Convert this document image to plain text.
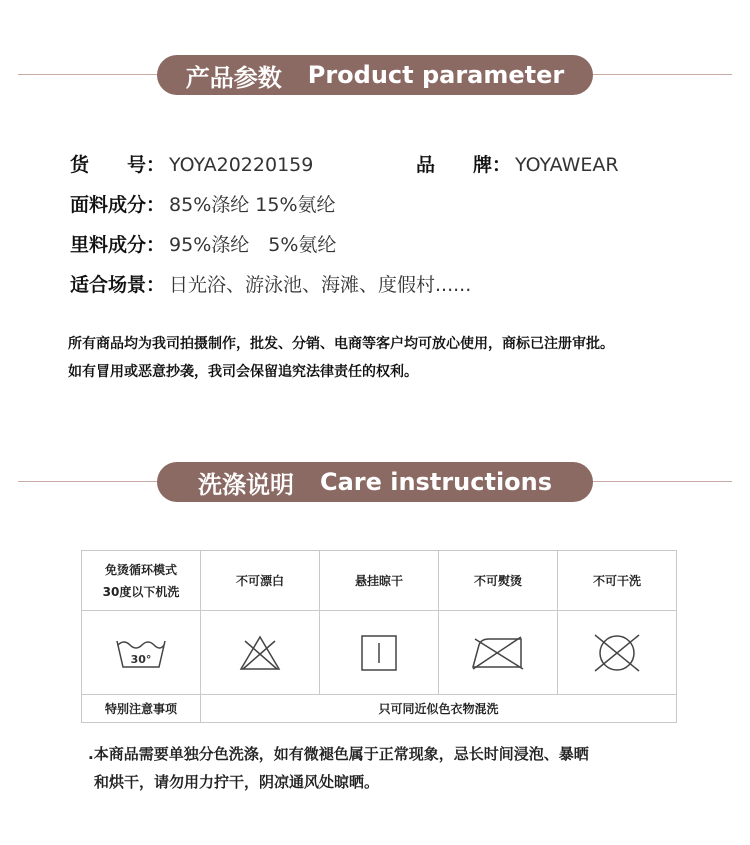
产品参数 Product parameter
货　　号： YOYA20220159	品　　牌： YOYAWEAR
面料成分： 85%涤纶 15%氨纶
里料成分： 95%涤纶　5%氨纶
适合场景： 日光浴、游泳池、海滩、度假村......
所有商品均为我司拍摄制作，批发、分销、电商等客户均可放心使用，商标已注册审批。
如有冒用或恶意抄袭，我司会保留追究法律责任的权利。
洗涤说明 Care instructions
免烫循环模式
30度以下机洗	不可漂白	悬挂晾干	不可熨烫	不可干洗

30°

特别注意事项	只可同近似色衣物混洗			
.本商品需要单独分色洗涤，如有微褪色属于正常现象，忌长时间浸泡、暴晒
和烘干，请勿用力拧干，阴凉通风处晾晒。
